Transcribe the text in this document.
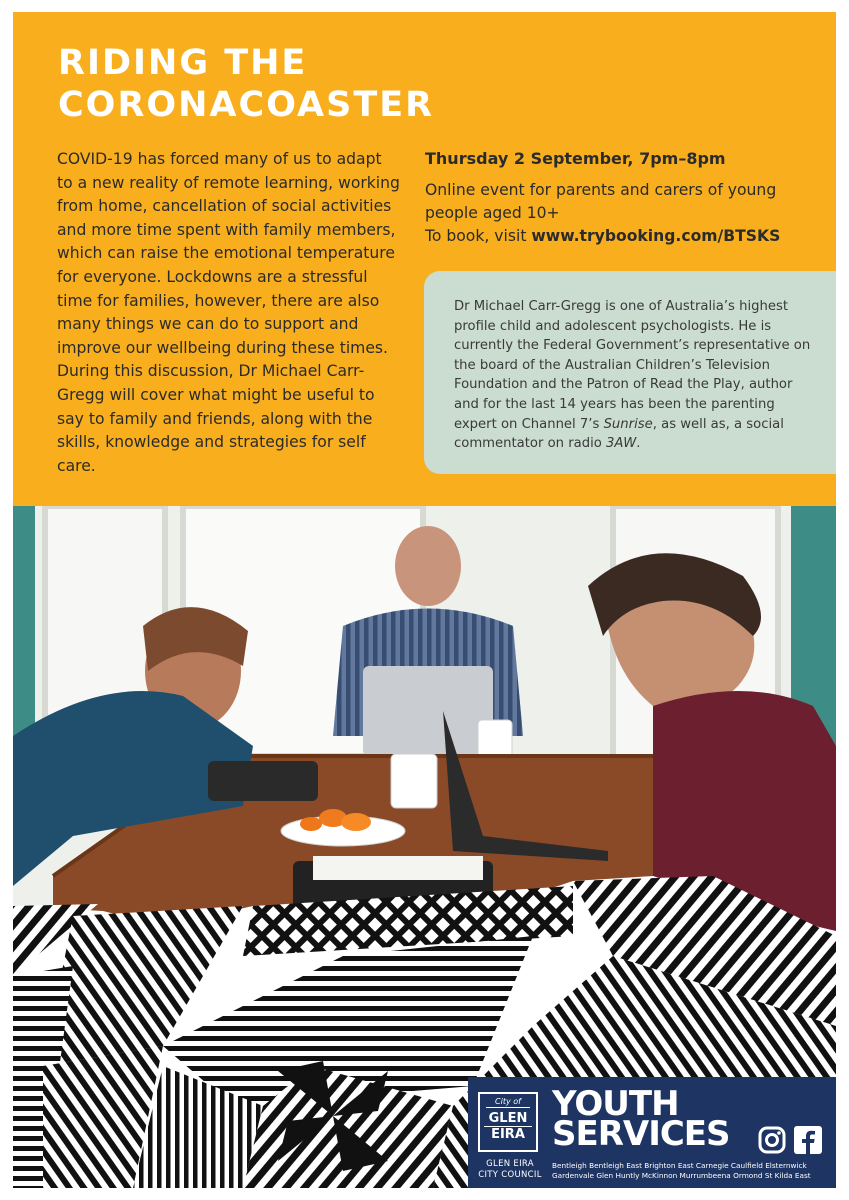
RIDING THE
CORONACOASTER

COVID-19 has forced many of us to adapt to a new reality of remote learning, working from home, cancellation of social activities and more time spent with family members, which can raise the emotional temperature for everyone. Lockdowns are a stressful time for families, however, there are also many things we can do to support and improve our wellbeing during these times. During this discussion, Dr Michael Carr-Gregg will cover what might be useful to say to family and friends, along with the skills, knowledge and strategies for self care.

Thursday 2 September, 7pm–8pm

Online event for parents and carers of young people aged 10+
To book, visit www.trybooking.com/BTSKS

Dr Michael Carr-Gregg is one of Australia’s highest profile child and adolescent psychologists. He is currently the Federal Government’s representative on the board of the Australian Children’s Television Foundation and the Patron of Read the Play, author and for the last 14 years has been the parenting expert on Channel 7’s Sunrise, as well as, a social commentator on radio 3AW.

City of
GLEN
EIRA
GLEN EIRA
CITY COUNCIL
YOUTH
SERVICES
Bentleigh Bentleigh East Brighton East Carnegie Caulfield Elsternwick
Gardenvale Glen Huntly McKinnon Murrumbeena Ormond St Kilda East
